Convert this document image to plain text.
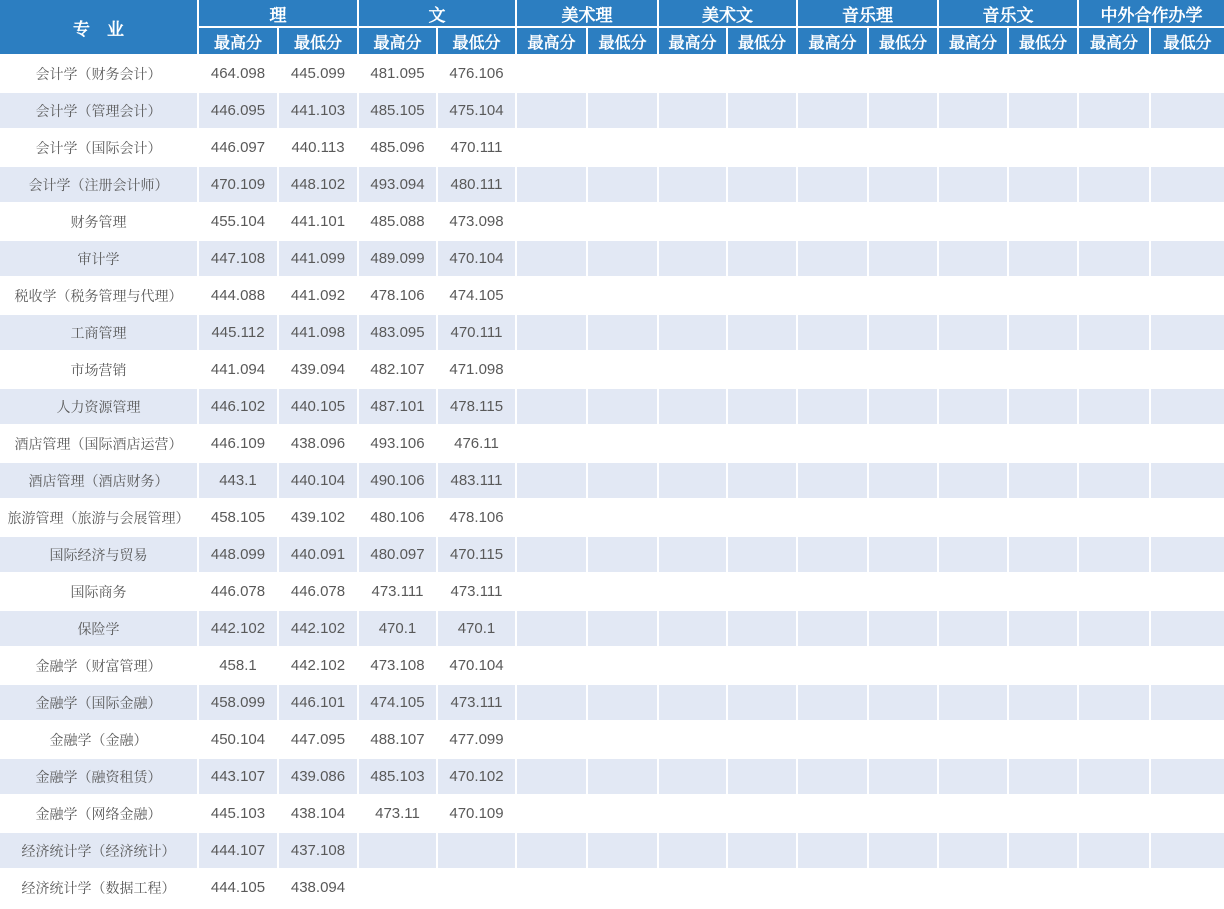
专　业	理		文		美术理		美术文		音乐理		音乐文		中外合作办学	
	最高分	最低分	最高分	最低分	最高分	最低分	最高分	最低分	最高分	最低分	最高分	最低分	最高分	最低分
会计学（财务会计）	464.098	445.099	481.095	476.106										
会计学（管理会计）	446.095	441.103	485.105	475.104										
会计学（国际会计）	446.097	440.113	485.096	470.111										
会计学（注册会计师）	470.109	448.102	493.094	480.111										
财务管理	455.104	441.101	485.088	473.098										
审计学	447.108	441.099	489.099	470.104										
税收学（税务管理与代理）	444.088	441.092	478.106	474.105										
工商管理	445.112	441.098	483.095	470.111										
市场营销	441.094	439.094	482.107	471.098										
人力资源管理	446.102	440.105	487.101	478.115										
酒店管理（国际酒店运营）	446.109	438.096	493.106	476.11										
酒店管理（酒店财务）	443.1	440.104	490.106	483.111										
旅游管理（旅游与会展管理）	458.105	439.102	480.106	478.106										
国际经济与贸易	448.099	440.091	480.097	470.115										
国际商务	446.078	446.078	473.111	473.111										
保险学	442.102	442.102	470.1	470.1										
金融学（财富管理）	458.1	442.102	473.108	470.104										
金融学（国际金融）	458.099	446.101	474.105	473.111										
金融学（金融）	450.104	447.095	488.107	477.099										
金融学（融资租赁）	443.107	439.086	485.103	470.102										
金融学（网络金融）	445.103	438.104	473.11	470.109										
经济统计学（经济统计）	444.107	437.108												
经济统计学（数据工程）	444.105	438.094												
